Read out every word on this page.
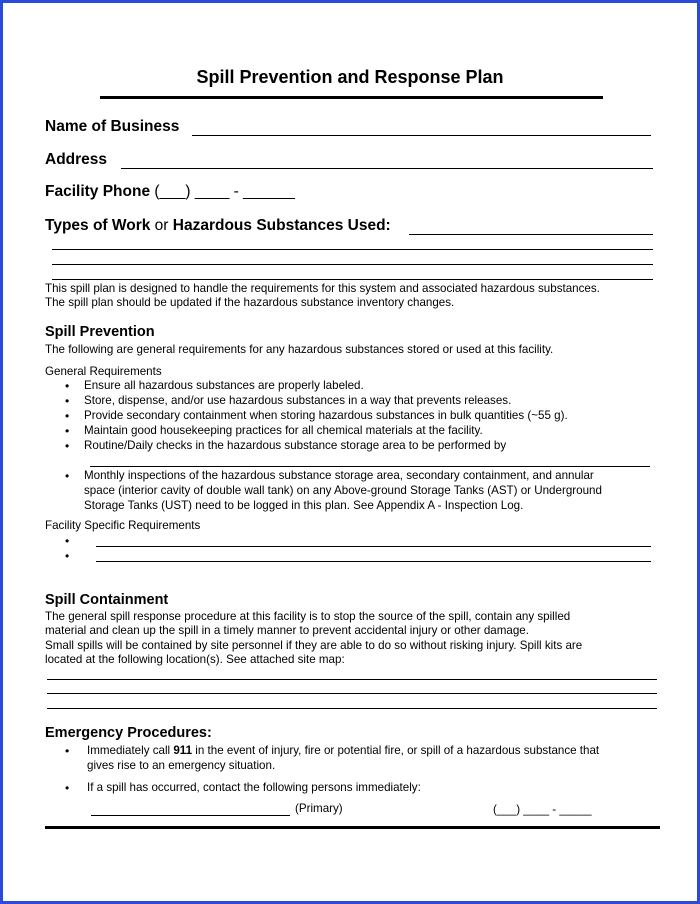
Spill Prevention and Response Plan
Name of Business
Address
Facility Phone (___) ____ - ______
Types of Work or Hazardous Substances Used:
This spill plan is designed to handle the requirements for this system and associated hazardous substances.
The spill plan should be updated if the hazardous substance inventory changes.
Spill Prevention
The following are general requirements for any hazardous substances stored or used at this facility.
General Requirements
• Ensure all hazardous substances are properly labeled.
• Store, dispense, and/or use hazardous substances in a way that prevents releases.
• Provide secondary containment when storing hazardous substances in bulk quantities (~55 g).
• Maintain good housekeeping practices for all chemical materials at the facility.
• Routine/Daily checks in the hazardous substance storage area to be performed by
• Monthly inspections of the hazardous substance storage area, secondary containment, and annular
space (interior cavity of double wall tank) on any Above-ground Storage Tanks (AST) or Underground
Storage Tanks (UST) need to be logged in this plan. See Appendix A - Inspection Log.
Facility Specific Requirements
•
•
Spill Containment
The general spill response procedure at this facility is to stop the source of the spill, contain any spilled
material and clean up the spill in a timely manner to prevent accidental injury or other damage.
Small spills will be contained by site personnel if they are able to do so without risking injury. Spill kits are
located at the following location(s). See attached site map:
Emergency Procedures:
• Immediately call 911 in the event of injury, fire or potential fire, or spill of a hazardous substance that
gives rise to an emergency situation.
• If a spill has occurred, contact the following persons immediately:
(Primary)	(___) ____ - _____
